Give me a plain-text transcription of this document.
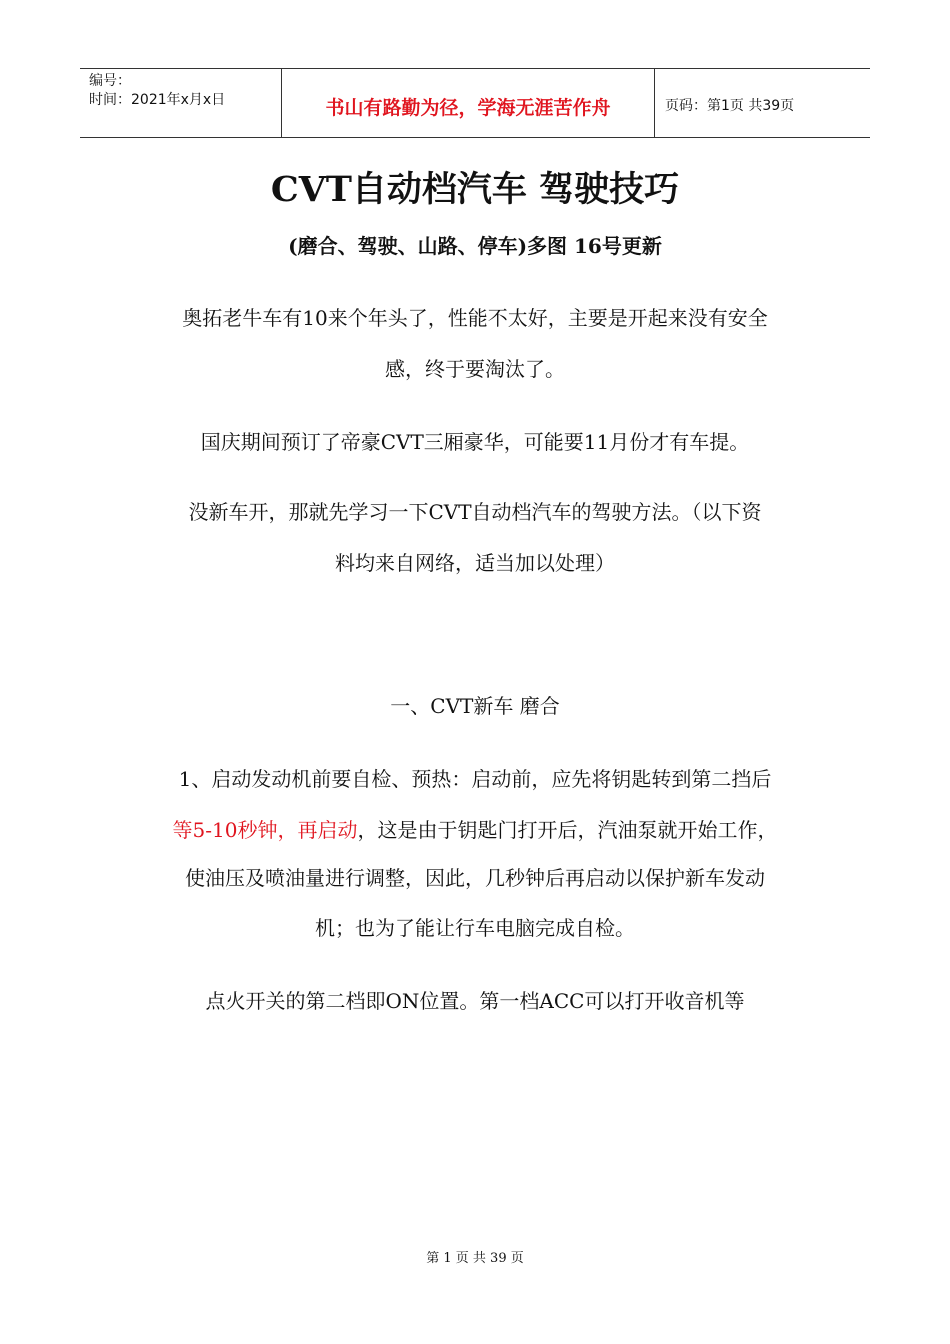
编号：
时间：2021年x月x日	书山有路勤为径，学海无涯苦作舟	页码：第1页 共39页
CVT自动档汽车 驾驶技巧
(磨合、驾驶、山路、停车)多图 16号更新
奥拓老牛车有10来个年头了，性能不太好，主要是开起来没有安全
感，终于要淘汰了。
国庆期间预订了帝豪CVT三厢豪华，可能要11月份才有车提。
没新车开，那就先学习一下CVT自动档汽车的驾驶方法。（以下资
料均来自网络，适当加以处理）
一、CVT新车 磨合
1、启动发动机前要自检、预热：启动前，应先将钥匙转到第二挡后
等5-10秒钟，再启动，这是由于钥匙门打开后，汽油泵就开始工作，
使油压及喷油量进行调整，因此，几秒钟后再启动以保护新车发动
机；也为了能让行车电脑完成自检。
点火开关的第二档即ON位置。第一档ACC可以打开收音机等
第 1 页 共 39 页
